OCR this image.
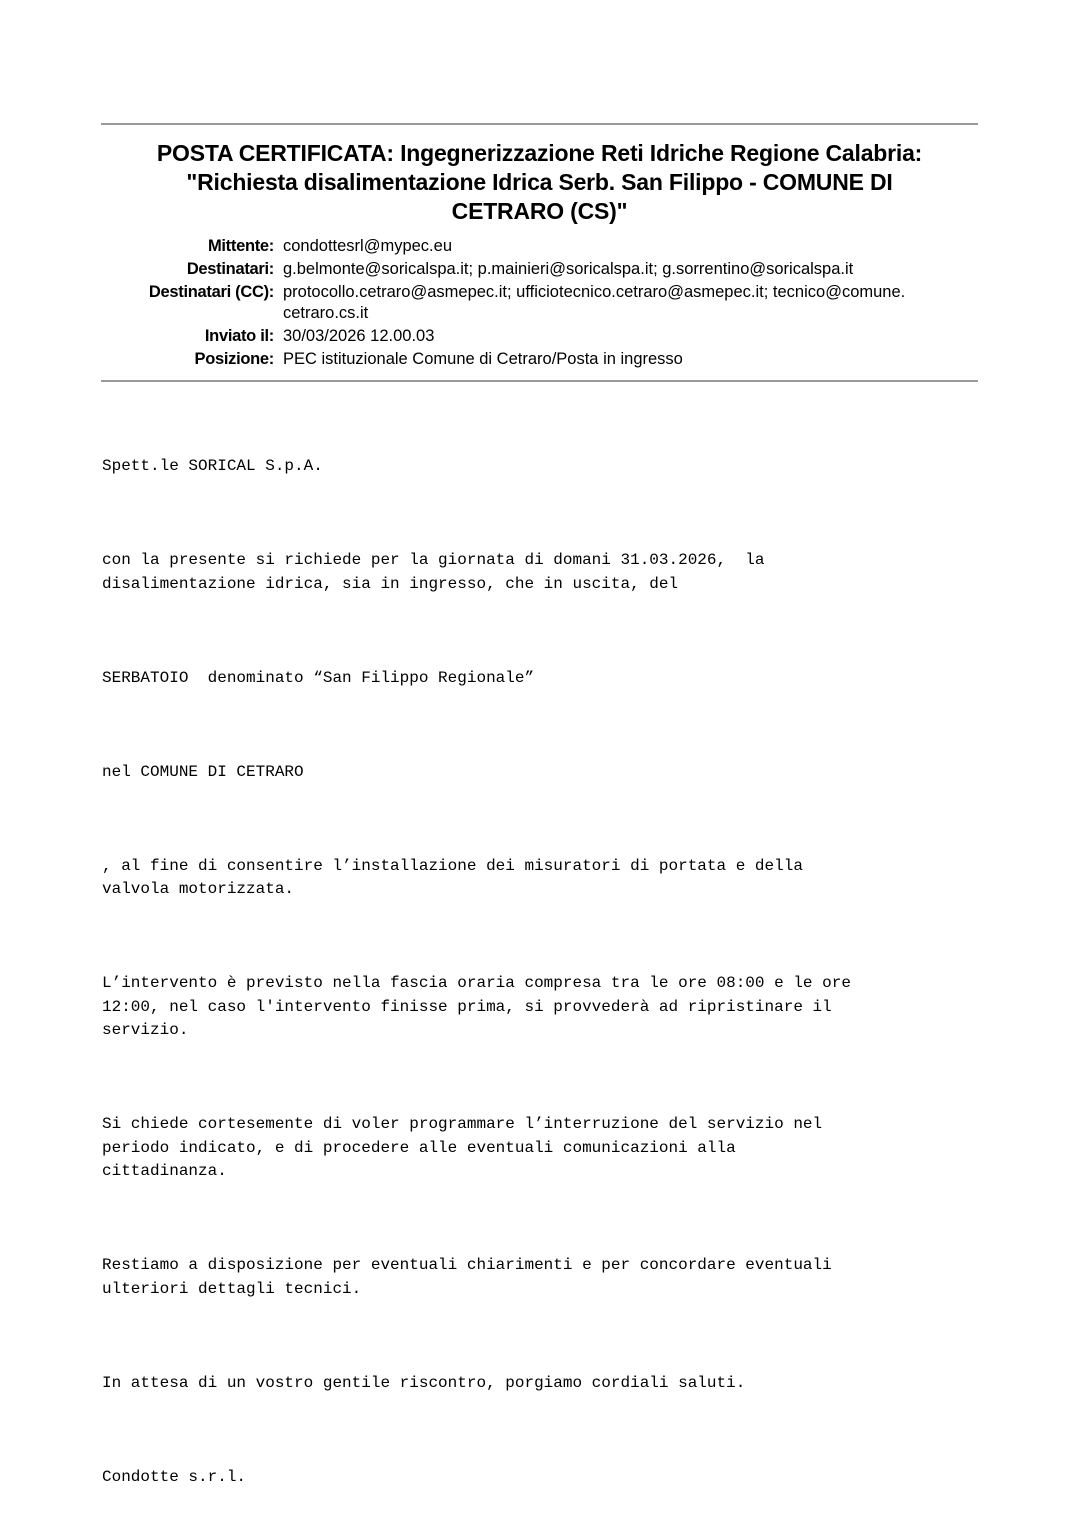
POSTA CERTIFICATA: Ingegnerizzazione Reti Idriche Regione Calabria:
"Richiesta disalimentazione Idrica Serb. San Filippo - COMUNE DI
CETRARO (CS)"
Mittente: condottesrl@mypec.eu
Destinatari: g.belmonte@soricalspa.it; p.mainieri@soricalspa.it; g.sorrentino@soricalspa.it
Destinatari (CC): protocollo.cetraro@asmepec.it; ufficiotecnico.cetraro@asmepec.it; tecnico@comune.
cetraro.cs.it
Inviato il: 30/03/2026 12.00.03
Posizione: PEC istituzionale Comune di Cetraro/Posta in ingresso

Spett.le SORICAL S.p.A.

con la presente si richiede per la giornata di domani 31.03.2026,  la
disalimentazione idrica, sia in ingresso, che in uscita, del

SERBATOIO  denominato “San Filippo Regionale”

nel COMUNE DI CETRARO

, al fine di consentire l’installazione dei misuratori di portata e della
valvola motorizzata.

L’intervento è previsto nella fascia oraria compresa tra le ore 08:00 e le ore
12:00, nel caso l'intervento finisse prima, si provvederà ad ripristinare il
servizio.

Si chiede cortesemente di voler programmare l’interruzione del servizio nel
periodo indicato, e di procedere alle eventuali comunicazioni alla
cittadinanza.

Restiamo a disposizione per eventuali chiarimenti e per concordare eventuali
ulteriori dettagli tecnici.

In attesa di un vostro gentile riscontro, porgiamo cordiali saluti.

Condotte s.r.l.
